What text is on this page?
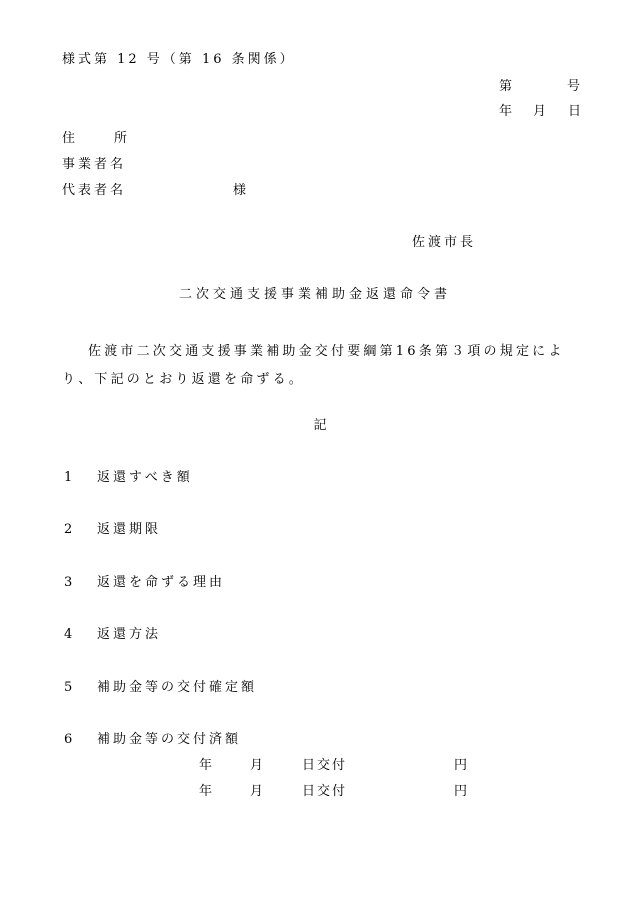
様式第 12 号（第 16 条関係）
第	号
年 月 日
住	所
事業者名
代表者名	様
佐渡市長
二次交通支援事業補助金返還命令書
佐渡市二次交通支援事業補助金交付要綱第16条第３項の規定により、下記のとおり返還を命ずる。
記
1 返還すべき額
2 返還期限
3 返還を命ずる理由
4 返還方法
5 補助金等の交付確定額
6 補助金等の交付済額
年	月	日交付	円
年	月	日交付	円
